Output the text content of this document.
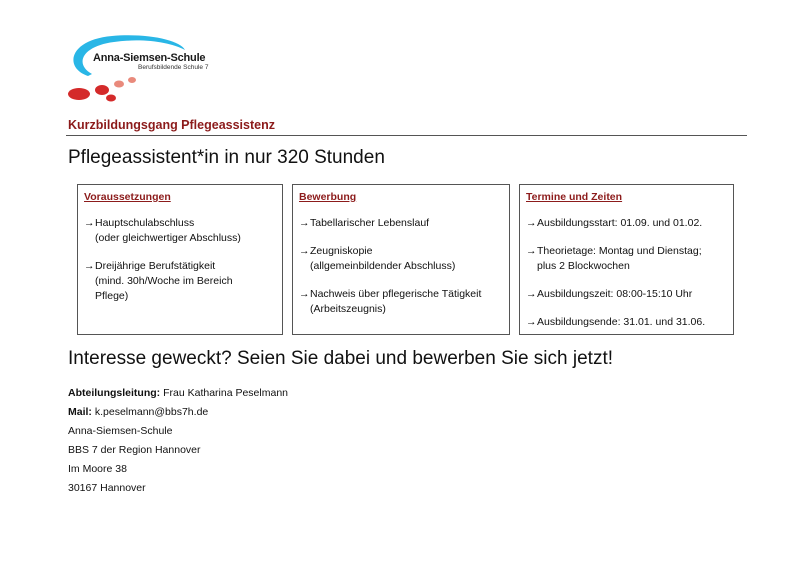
Anna-Siemsen-Schule
Berufsbildende Schule 7
Kurzbildungsgang Pflegeassistenz
Pflegeassistent*in in nur 320 Stunden
Voraussetzungen
→ Hauptschulabschluss
(oder gleichwertiger Abschluss)
→ Dreijährige Berufstätigkeit
(mind. 30h/Woche im Bereich
Pflege)
Bewerbung
→ Tabellarischer Lebenslauf
→ Zeugniskopie
(allgemeinbildender Abschluss)
→ Nachweis über pflegerische Tätigkeit
(Arbeitszeugnis)
Termine und Zeiten
→ Ausbildungsstart: 01.09. und 01.02.
→ Theorietage: Montag und Dienstag;
plus 2 Blockwochen
→ Ausbildungszeit: 08:00-15:10 Uhr
→ Ausbildungsende: 31.01. und 31.06.
Interesse geweckt? Seien Sie dabei und bewerben Sie sich jetzt!
Abteilungsleitung: Frau Katharina Peselmann
Mail: k.peselmann@bbs7h.de
Anna-Siemsen-Schule
BBS 7 der Region Hannover
Im Moore 38
30167 Hannover
